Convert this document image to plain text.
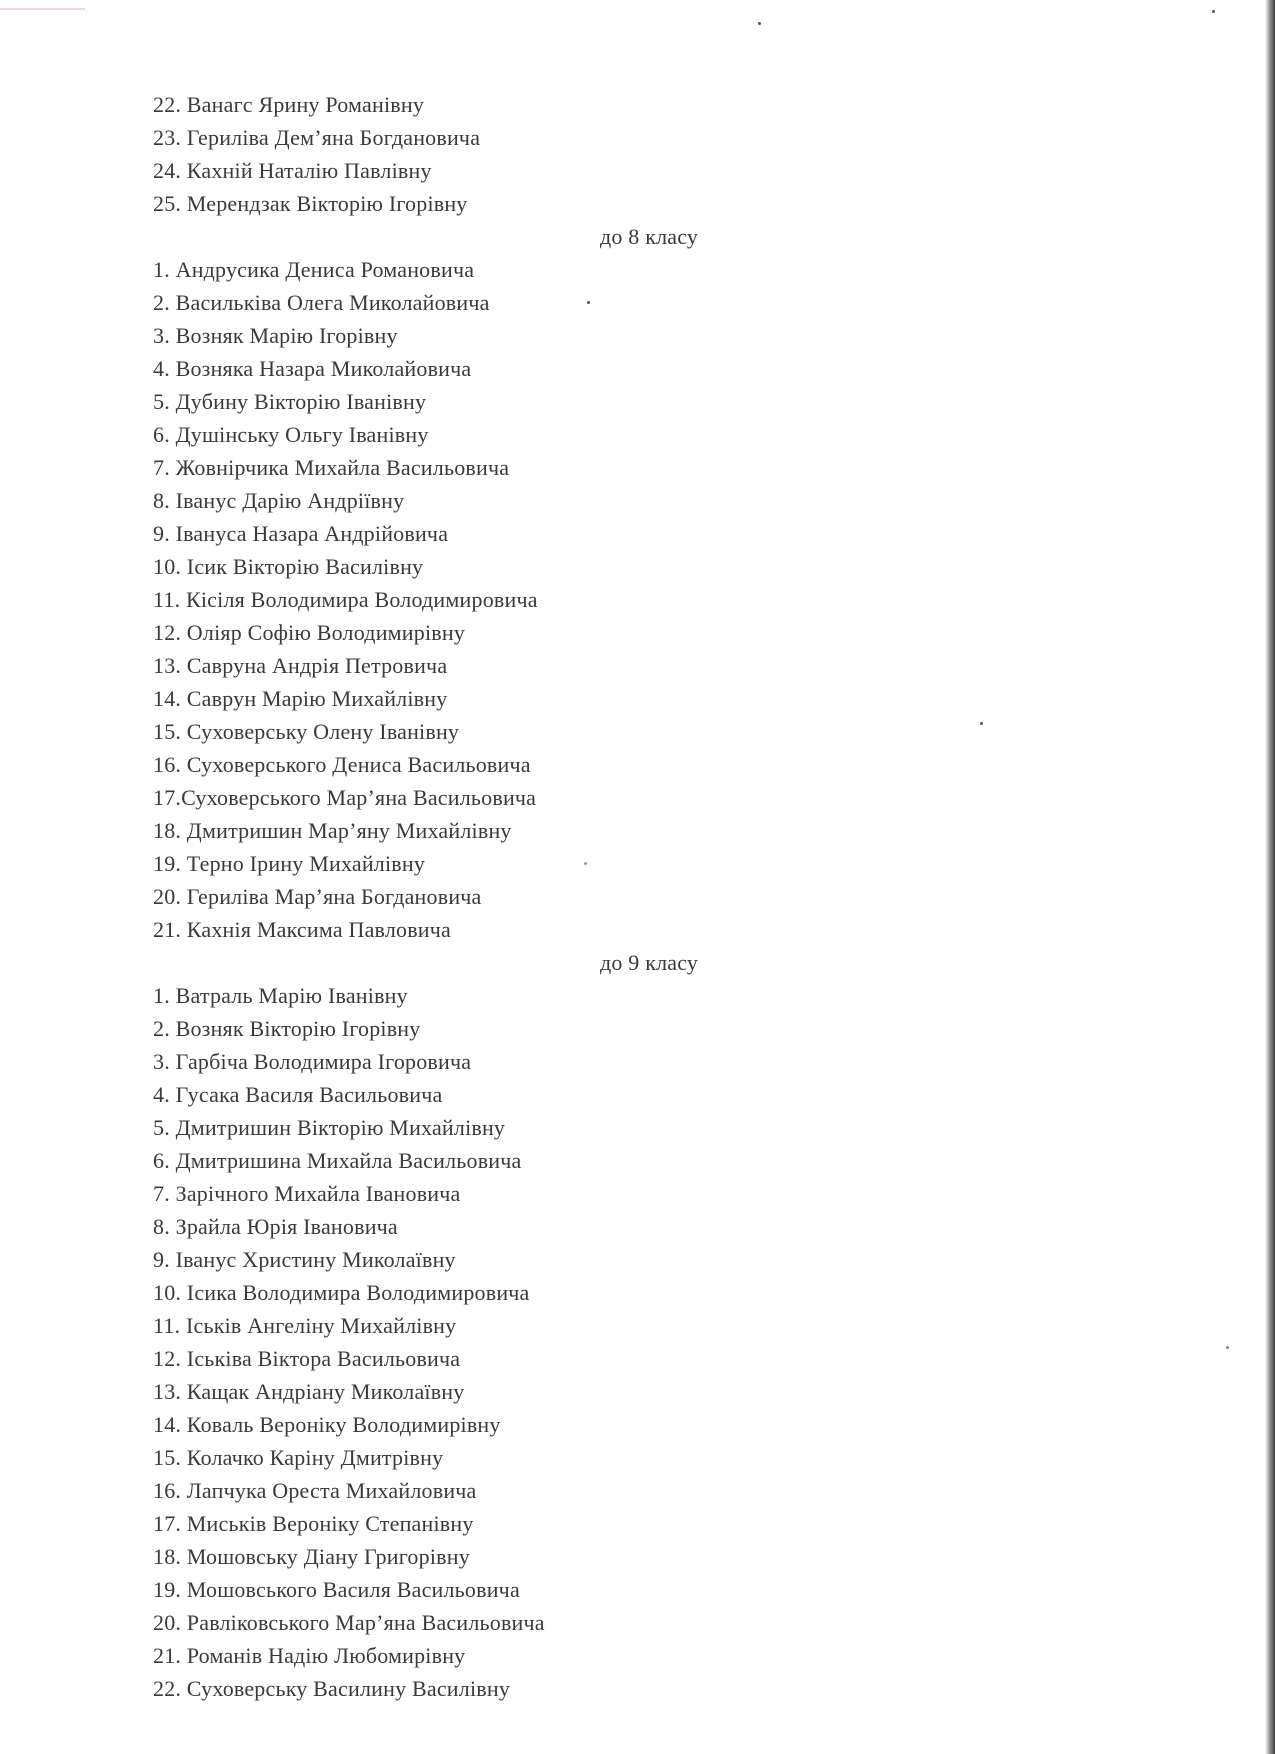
22. Ванагс Ярину Романівну
23. Гериліва Дем’яна Богдановича
24. Кахній Наталію Павлівну
25. Мерендзак Вікторію Ігорівну
до 8 класу
1. Андрусика Дениса Романовича
2. Васильківа Олега Миколайовича
3. Возняк Марію Ігорівну
4. Возняка Назара Миколайовича
5. Дубину Вікторію Іванівну
6. Душінську Ольгу Іванівну
7. Жовнірчика Михайла Васильовича
8. Іванус Дарію Андріївну
9. Івануса Назара Андрійовича
10. Ісик Вікторію Василівну
11. Кісіля Володимира Володимировича
12. Оліяр Софію Володимирівну
13. Савруна Андрія Петровича
14. Саврун Марію Михайлівну
15. Суховерську Олену Іванівну
16. Суховерського Дениса Васильовича
17.Суховерського Мар’яна Васильовича
18. Дмитришин Мар’яну Михайлівну
19. Терно Ірину Михайлівну
20. Гериліва Мар’яна Богдановича
21. Кахнія Максима Павловича
до 9 класу
1. Ватраль Марію Іванівну
2. Возняк Вікторію Ігорівну
3. Гарбіча Володимира Ігоровича
4. Гусака Василя Васильовича
5. Дмитришин Вікторію Михайлівну
6. Дмитришина Михайла Васильовича
7. Зарічного Михайла Івановича
8. Зрайла Юрія Івановича
9. Іванус Христину Миколаївну
10. Ісика Володимира Володимировича
11. Іськів Ангеліну Михайлівну
12. Іськіва Віктора Васильовича
13. Кащак Андріану Миколаївну
14. Коваль Вероніку Володимирівну
15. Колачко Каріну Дмитрівну
16. Лапчука Ореста Михайловича
17. Миськів Вероніку Степанівну
18. Мошовську Діану Григорівну
19. Мошовського Василя Васильовича
20. Равліковського Мар’яна Васильовича
21. Романів Надію Любомирівну
22. Суховерську Василину Василівну
